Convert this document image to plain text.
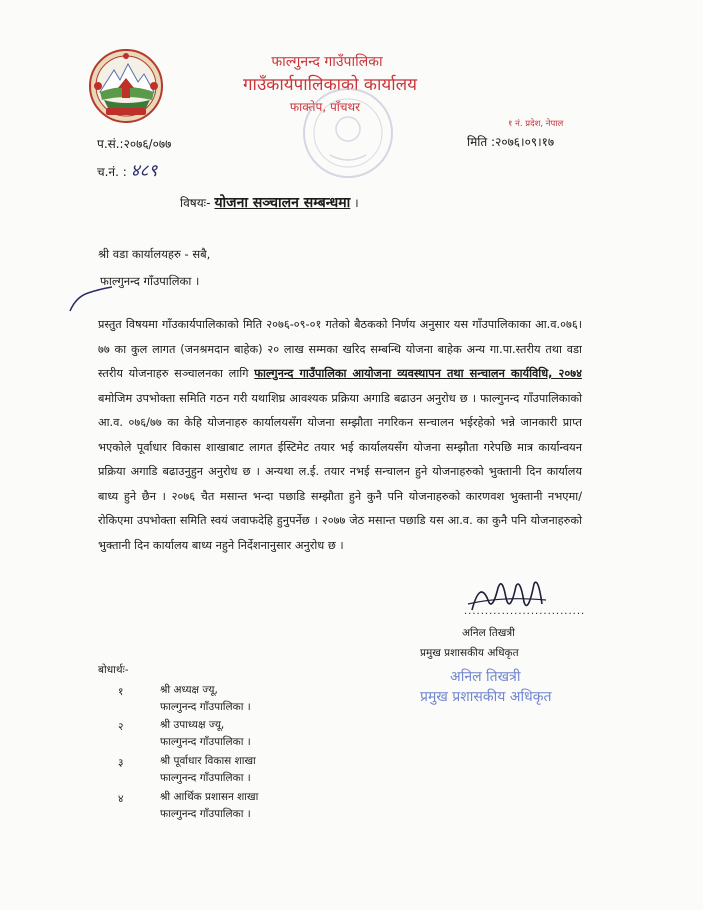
फाल्गुनन्द गाउँपालिका
गाउँकार्यपालिकाको कार्यालय
फाक्तेप, पाँचथर
१ नं. प्रदेश, नेपाल
प.सं.:२०७६/०७७
च.नं. : ४८९
मिति :२०७६।०९।१७
विषयः- योजना सञ्चालन सम्बन्धमा ।
श्री वडा कार्यालयहरु - सबै,
फाल्गुनन्द गाँउपालिका ।

प्रस्तुत विषयमा गाँउकार्यपालिकाको मिति २०७६-०९-०१ गतेको बैठकको निर्णय अनुसार यस गाँउपालिकाका आ.व.०७६।७७ का कुल लागत (जनश्रमदान बाहेक) २० लाख सम्मका खरिद सम्बन्धि योजना बाहेक अन्य गा.पा.स्तरीय तथा वडा स्तरीय योजनाहरु सञ्चालनका लागि फाल्गुनन्द गाउँपालिका आयोजना व्यवस्थापन तथा सन्चालन कार्यविधि, २०७४ बमोजिम उपभोक्ता समिति गठन गरी यथाशिघ्र आवश्यक प्रक्रिया अगाडि बढाउन अनुरोध छ । फाल्गुनन्द गाँउपालिकाको आ.व. ०७६/७७ का केहि योजनाहरु कार्यालयसँग योजना सम्झौता नगरिकन सन्चालन भईरहेको भन्ने जानकारी प्राप्त भएकोले पूर्वाधार विकास शाखाबाट लागत ईस्टिमेट तयार भई कार्यालयसँग योजना सम्झौता गरेपछि मात्र कार्यान्वयन प्रक्रिया अगाडि बढाउनुहुन अनुरोध छ । अन्यथा ल.ई. तयार नभई सन्चालन हुने योजनाहरुको भुक्तानी दिन कार्यालय बाध्य हुने छैन । २०७६ चैत मसान्त भन्दा पछाडि सम्झौता हुने कुनै पनि योजनाहरुको कारणवश भुक्तानी नभएमा/रोकिएमा उपभोक्ता समिति स्वयं जवाफदेहि हुनुपर्नेछ । २०७७ जेठ मसान्त पछाडि यस आ.व. का कुनै पनि योजनाहरुको भुक्तानी दिन कार्यालय बाध्य नहुने निर्देशनानुसार अनुरोध छ ।

.............................
अनिल तिखत्री
प्रमुख प्रशासकीय अधिकृत
अनिल तिखत्री
प्रमुख प्रशासकीय अधिकृत
बोधार्थः-
१	श्री अध्यक्ष ज्यू,
फाल्गुनन्द गाँउपालिका ।
२	श्री उपाध्यक्ष ज्यू,
फाल्गुनन्द गाँउपालिका ।
३	श्री पूर्वाधार विकास शाखा
फाल्गुनन्द गाँउपालिका ।
४	श्री आर्थिक प्रशासन शाखा
फाल्गुनन्द गाँउपालिका ।
